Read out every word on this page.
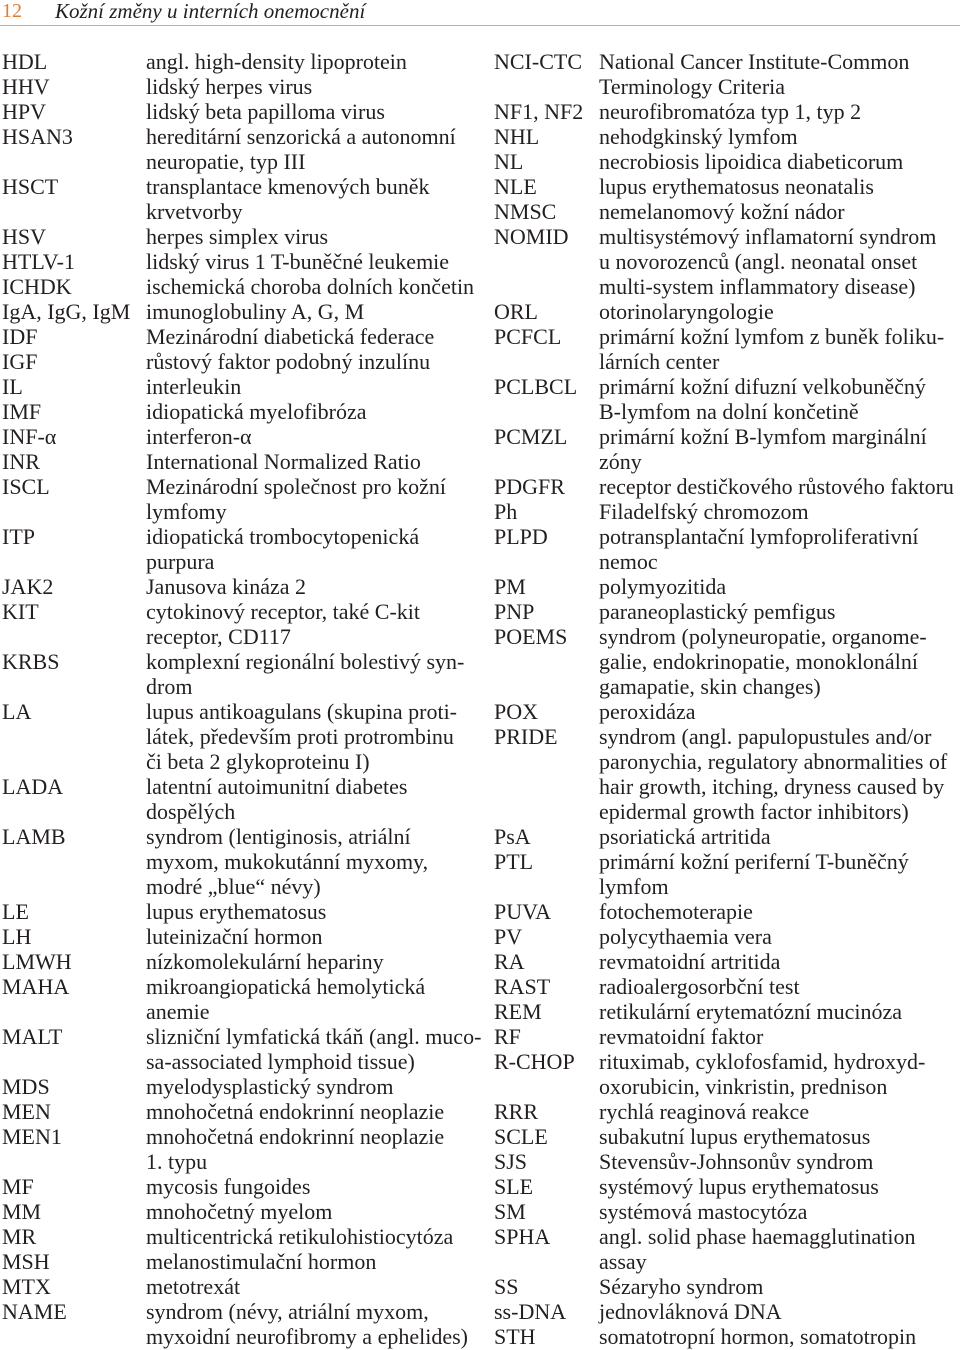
12 Kožní změny u interních onemocnění
HDL	angl. high-density lipoprotein
HHV	lidský herpes virus
HPV	lidský beta papilloma virus
HSAN3	hereditární senzorická a autonomní
neuropatie, typ III
HSCT	transplantace kmenových buněk
krvetvorby
HSV	herpes simplex virus
HTLV-1	lidský virus 1 T-buněčné leukemie
ICHDK	ischemická choroba dolních končetin
IgA, IgG, IgM imunoglobuliny A, G, M
IDF	Mezinárodní diabetická federace
IGF	růstový faktor podobný inzulínu
IL	interleukin
IMF	idiopatická myelofibróza
INF-α	interferon-α
INR	International Normalized Ratio
ISCL	Mezinárodní společnost pro kožní
lymfomy
ITP	idiopatická trombocytopenická
purpura
JAK2	Janusova kináza 2
KIT	cytokinový receptor, také C-kit
receptor, CD117
KRBS	komplexní regionální bolestivý syn-
drom
LA	lupus antikoagulans (skupina proti-
látek, především proti protrombinu
či beta 2 glykoproteinu I)
LADA	latentní autoimunitní diabetes
dospělých
LAMB	syndrom (lentiginosis, atriální
myxom, mukokutánní myxomy,
modré „blue“ névy)
LE	lupus erythematosus
LH	luteinizační hormon
LMWH	nízkomolekulární hepariny
MAHA	mikroangiopatická hemolytická
anemie
MALT	slizniční lymfatická tkáň (angl. muco-
sa-associated lymphoid tissue)
MDS	myelodysplastický syndrom
MEN	mnohočetná endokrinní neoplazie
MEN1	mnohočetná endokrinní neoplazie
1. typu
MF	mycosis fungoides
MM	mnohočetný myelom
MR	multicentrická retikulohistiocytóza
MSH	melanostimulační hormon
MTX	metotrexát
NAME	syndrom (névy, atriální myxom,
myxoidní neurofibromy a ephelides)
NCI-CTC National Cancer Institute-Common
Terminology Criteria
NF1, NF2 neurofibromatóza typ 1, typ 2
NHL	nehodgkinský lymfom
NL	necrobiosis lipoidica diabeticorum
NLE	lupus erythematosus neonatalis
NMSC	nemelanomový kožní nádor
NOMID	multisystémový inflamatorní syndrom
u novorozenců (angl. neonatal onset
multi-system inflammatory disease)
ORL	otorinolaryngologie
PCFCL	primární kožní lymfom z buněk foliku-
lárních center
PCLBCL primární kožní difuzní velkobuněčný
B-lymfom na dolní končetině
PCMZL	primární kožní B-lymfom marginální
zóny
PDGFR	receptor destičkového růstového faktoru
Ph	Filadelfský chromozom
PLPD	potransplantační lymfoproliferativní
nemoc
PM	polymyozitida
PNP	paraneoplastický pemfigus
POEMS	syndrom (polyneuropatie, organome-
galie, endokrinopatie, monoklonální
gamapatie, skin changes)
POX	peroxidáza
PRIDE	syndrom (angl. papulopustules and/or
paronychia, regulatory abnormalities of
hair growth, itching, dryness caused by
epidermal growth factor inhibitors)
PsA	psoriatická artritida
PTL	primární kožní periferní T-buněčný
lymfom
PUVA	fotochemoterapie
PV	polycythaemia vera
RA	revmatoidní artritida
RAST	radioalergosorbční test
REM	retikulární erytematózní mucinóza
RF	revmatoidní faktor
R-CHOP	rituximab, cyklofosfamid, hydroxyd-
oxorubicin, vinkristin, prednison
RRR	rychlá reaginová reakce
SCLE	subakutní lupus erythematosus
SJS	Stevensův-Johnsonův syndrom
SLE	systémový lupus erythematosus
SM	systémová mastocytóza
SPHA	angl. solid phase haemagglutination
assay
SS	Sézaryho syndrom
ss-DNA	jednovláknová DNA
STH	somatotropní hormon, somatotropin
